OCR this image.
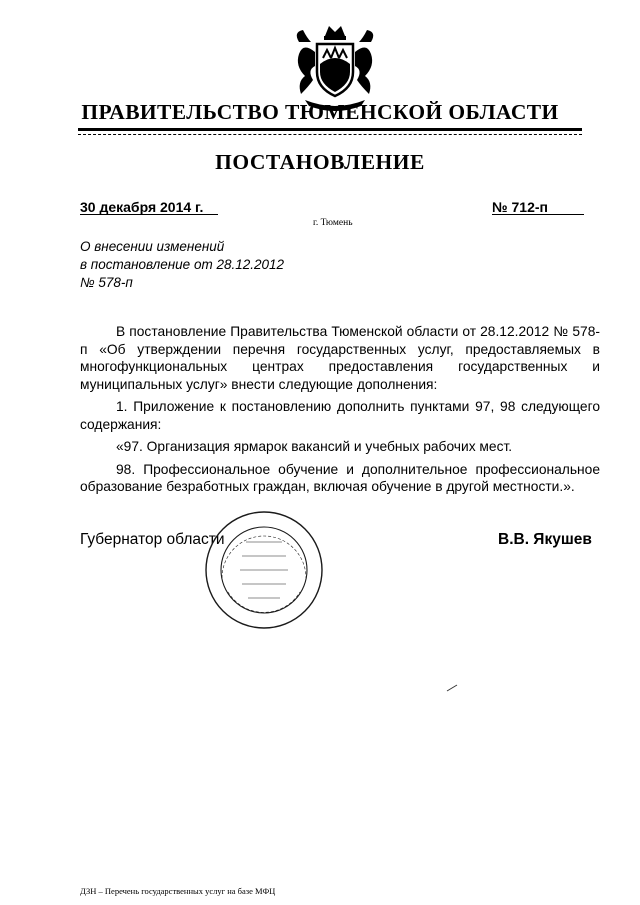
ПРАВИТЕЛЬСТВО ТЮМЕНСКОЙ ОБЛАСТИ
ПОСТАНОВЛЕНИЕ
30 декабря 2014 г.	№ 712-п
г. Тюмень
О внесении изменений
в постановление от 28.12.2012
№ 578-п
В постановление Правительства Тюменской области от 28.12.2012 № 578-п «Об утверждении перечня государственных услуг, предоставляемых в многофункциональных центрах предоставления государственных и муниципальных услуг» внести следующие дополнения:
1. Приложение к постановлению дополнить пунктами 97, 98 следующего содержания:
«97. Организация ярмарок вакансий и учебных рабочих мест.
98. Профессиональное обучение и дополнительное профессиональное образование безработных граждан, включая обучение в другой местности.».
Губернатор области	В.В. Якушев
ДЗН – Перечень государственных услуг на базе МФЦ
